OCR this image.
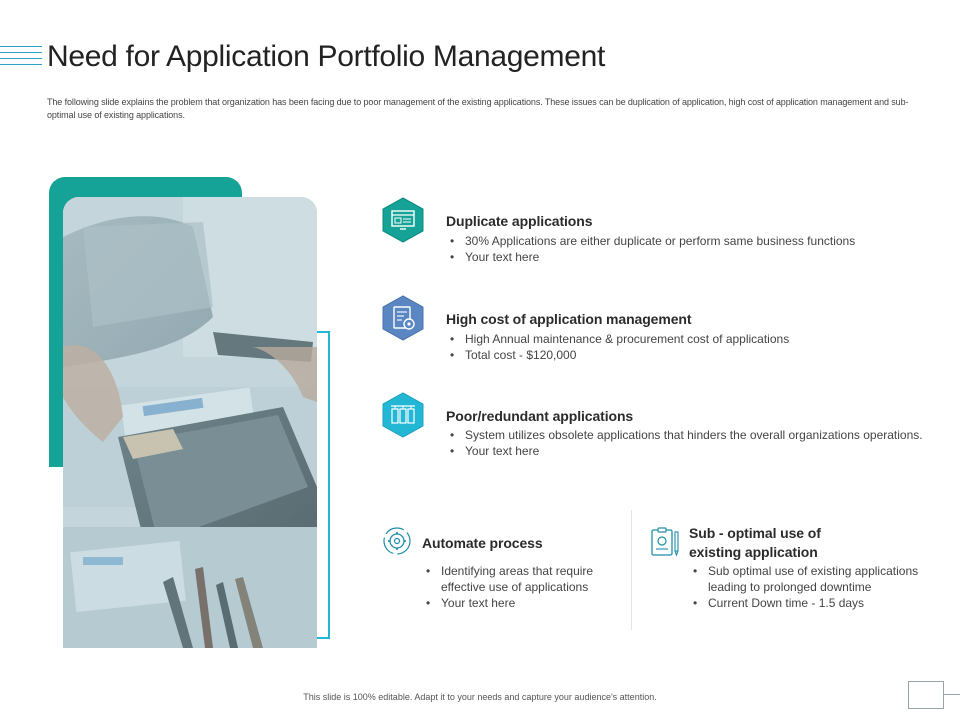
Need for Application Portfolio Management
The following slide explains the problem that organization has been facing due to poor management of the existing applications. These issues can be duplication of application, high cost of application management and sub-optimal use of existing applications.
Duplicate applications
• 30% Applications are either duplicate or perform same business functions
• Your text here
High cost of application management
• High Annual maintenance & procurement cost of applications
• Total cost - $120,000
Poor/redundant applications
• System utilizes obsolete applications that hinders the overall organizations operations.
• Your text here
Automate process
• Identifying areas that require
effective use of applications
• Your text here
Sub - optimal use of
existing application
• Sub optimal use of existing applications
leading to prolonged downtime
• Current Down time - 1.5 days
This slide is 100% editable. Adapt it to your needs and capture your audience's attention.
